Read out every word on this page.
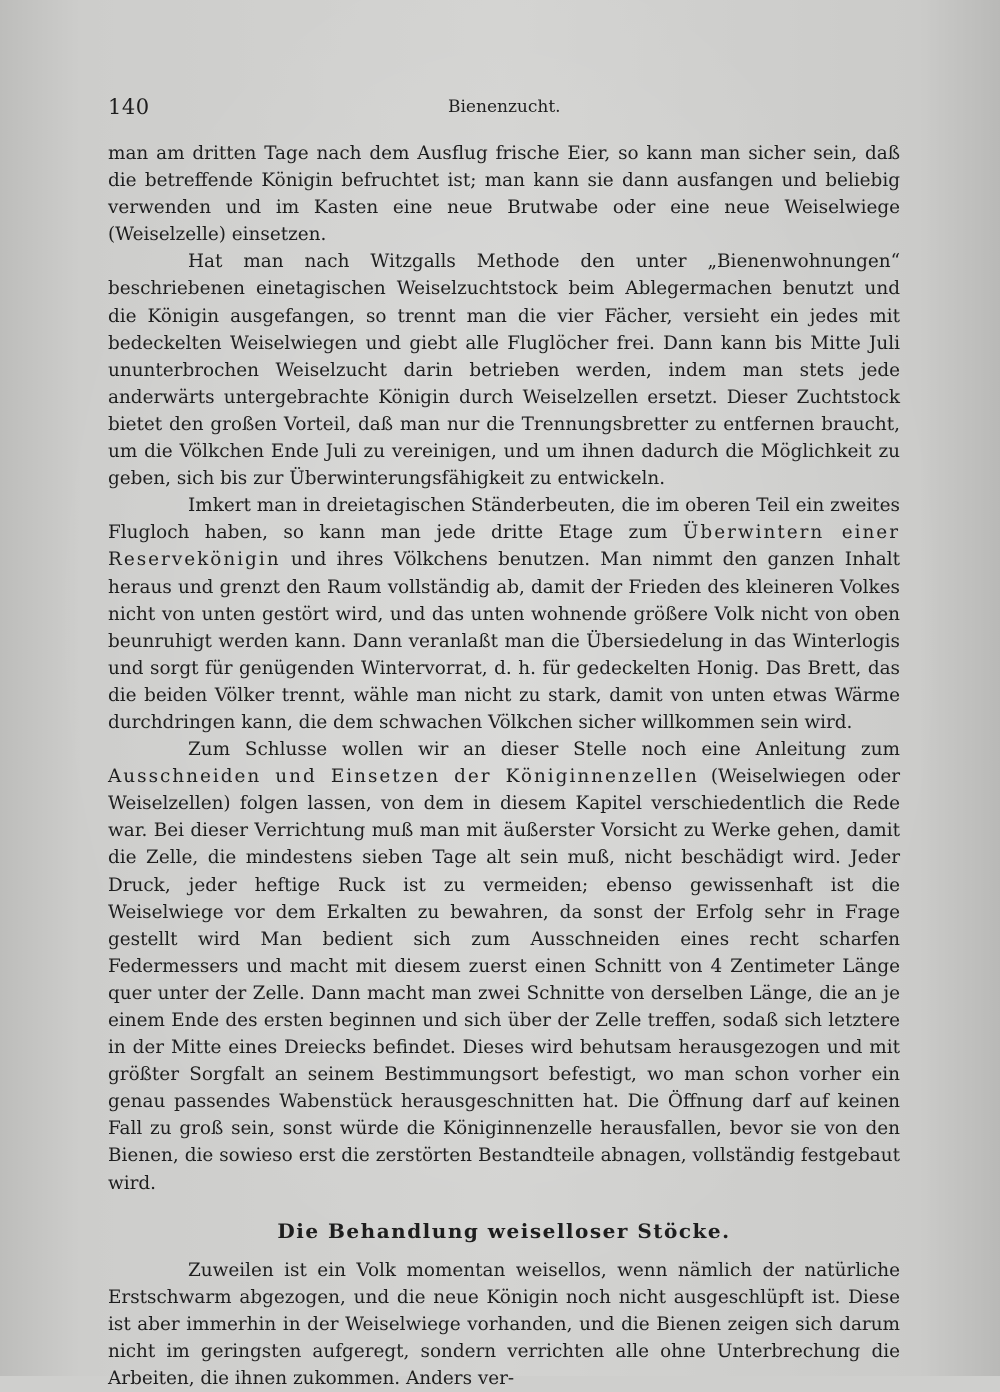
140	Bienenzucht.

man am dritten Tage nach dem Ausflug frische Eier, so kann man sicher sein, daß die betreffende Königin befruchtet ist; man kann sie dann ausfangen und beliebig verwenden und im Kasten eine neue Brutwabe oder eine neue Weiselwiege (Weiselzelle) einsetzen.

Hat man nach Witzgalls Methode den unter „Bienenwohnungen“ beschriebenen einetagischen Weiselzuchtstock beim Ablegermachen benutzt und die Königin ausgefangen, so trennt man die vier Fächer, versieht ein jedes mit bedeckelten Weiselwiegen und giebt alle Fluglöcher frei. Dann kann bis Mitte Juli ununterbrochen Weiselzucht darin betrieben werden, indem man stets jede anderwärts untergebrachte Königin durch Weiselzellen ersetzt. Dieser Zuchtstock bietet den großen Vorteil, daß man nur die Trennungsbretter zu entfernen braucht, um die Völkchen Ende Juli zu vereinigen, und um ihnen dadurch die Möglichkeit zu geben, sich bis zur Überwinterungsfähigkeit zu entwickeln.

Imkert man in dreietagischen Ständerbeuten, die im oberen Teil ein zweites Flugloch haben, so kann man jede dritte Etage zum Überwintern einer Reservekönigin und ihres Völkchens benutzen. Man nimmt den ganzen Inhalt heraus und grenzt den Raum vollständig ab, damit der Frieden des kleineren Volkes nicht von unten gestört wird, und das unten wohnende größere Volk nicht von oben beunruhigt werden kann. Dann veranlaßt man die Übersiedelung in das Winterlogis und sorgt für genügenden Wintervorrat, d. h. für gedeckelten Honig. Das Brett, das die beiden Völker trennt, wähle man nicht zu stark, damit von unten etwas Wärme durchdringen kann, die dem schwachen Völkchen sicher willkommen sein wird.

Zum Schlusse wollen wir an dieser Stelle noch eine Anleitung zum Ausschneiden und Einsetzen der Königinnenzellen (Weiselwiegen oder Weiselzellen) folgen lassen, von dem in diesem Kapitel verschiedentlich die Rede war. Bei dieser Verrichtung muß man mit äußerster Vorsicht zu Werke gehen, damit die Zelle, die mindestens sieben Tage alt sein muß, nicht beschädigt wird. Jeder Druck, jeder heftige Ruck ist zu vermeiden; ebenso gewissenhaft ist die Weiselwiege vor dem Erkalten zu bewahren, da sonst der Erfolg sehr in Frage gestellt wird Man bedient sich zum Ausschneiden eines recht scharfen Federmessers und macht mit diesem zuerst einen Schnitt von 4 Zentimeter Länge quer unter der Zelle. Dann macht man zwei Schnitte von derselben Länge, die an je einem Ende des ersten beginnen und sich über der Zelle treffen, sodaß sich letztere in der Mitte eines Dreiecks befindet. Dieses wird behutsam herausgezogen und mit größter Sorgfalt an seinem Bestimmungsort befestigt, wo man schon vorher ein genau passendes Wabenstück herausgeschnitten hat. Die Öffnung darf auf keinen Fall zu groß sein, sonst würde die Königinnenzelle herausfallen, bevor sie von den Bienen, die sowieso erst die zerstörten Bestandteile abnagen, vollständig festgebaut wird.

Die Behandlung weiselloser Stöcke.

Zuweilen ist ein Volk momentan weisellos, wenn nämlich der natürliche Erstschwarm abgezogen, und die neue Königin noch nicht ausgeschlüpft ist. Diese ist aber immerhin in der Weiselwiege vorhanden, und die Bienen zeigen sich darum nicht im geringsten aufgeregt, sondern verrichten alle ohne Unterbrechung die Arbeiten, die ihnen zukommen. Anders ver-
